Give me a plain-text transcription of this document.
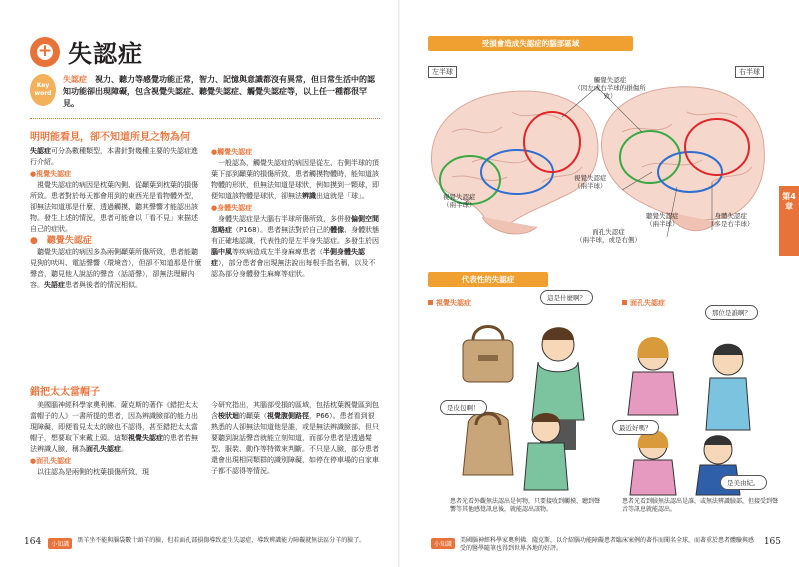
+
失認症
Key word
失認症　視力、聽力等感覺功能正常，智力、記憶與意識都沒有異常，但日常生活中的認知功能卻出現障礙，包含視覺失認症、聽覺失認症、觸覺失認症等，以上任一種都很罕見。
明明能看見，卻不知道所見之物為何

失認症可分為數種類型，本書針對幾種主要的失認症進行介紹。

●視覺失認症

視覺失認症的病因是枕葉內側、從顳葉到枕葉的損傷所致。患者對於每天都會用到的東西光是看物體外型，卻無法知道那是什麼，透過觸摸、聽其聲響才能認出該物。發生上述的情況，患者可能會以「看不見」來描述自己的症狀。

●　聽覺失認症

聽覺失認症的病因多為兩側顳葉所傷所致，患者能聽見狗的吠叫、電話聲響（環境音），但卻不知道那是什麼聲音，聽見他人說話的聲音（話語聲），卻無法理解內容。失語症患者與後者的情況相似。

●觸覺失認症

一般認為，觸覺失認症的病因是從左、右側半球的頂葉下部到顳葉的損傷所致，患者觸摸物體時，能知道該物體的形狀，但無法知道是球狀，例如摸到一顆球，即便知道該物體是球狀，卻無法辨識出這就是「球」。

●身體失認症

身體失認症是大腦右半球所傷所致，多併發偏側空間忽略症（P168）。患者無法對於自己的體像、身體狀態有正確地認識，代表性的是左半身失認症。多發生於因腦中風等疾病造成左半身麻痺患者（半側身體失認症），部分患者會出現無法說出每根手指名稱，以及不認為部分身體發生麻痺等症狀。

錯把太太當帽子

美國腦神經科學家奧利佛．薩克斯的著作《錯把太太當帽子的人》一書所提的患者，因為辨識臉部的能力出現障礙，即便看見太太的臉也不認得，甚至錯把太太當帽子，想要取下來戴上頭。這類視覺失認症的患者若無法辨識人臉，稱為面孔失認症。

●面孔失認症

以往認為是兩側的枕葉損傷所致，現

今研究指出，其腦部受損的區域，包括枕葉親覺區到包含梭狀迴的顳葉（視覺腹側路徑，P66）。患者看到很熟悉的人卻無法知道他是誰，或是無法辨識臉部，但只要聽到說話聲音就能立刻知道，而部分患者是透過髮型、服裝、動作等特徵來判斷。不只是人臉，部分患者還會出現相同類群的識別障礙，如停在停車場的自家車子都不認得等情況。

164	小知識
黑羊坐不能與腦袋數十頭羊的臉，但若面孔部損傷導致產生失認症，導致辨識能力障礙就無法區分羊的臉了。
受損會造成失認症的腦部區域
左半球	右半球
觸覺失認症
（因左或右半球的損傷所致）
視覺失認症
（兩半球）
視覺失認症
（兩半球）
聽覺失認症
（兩半球）
面孔失認症
（兩半球，或是右側）
身體失認症
（多是右半球）
第4章
代表性的失認症
視覺失認症	面孔失認症
這是什麼啊？
是皮包啊！
那位是誰啊？
最近好嗎？
是美由紀。
患者光看外觀無法認出是何物，只要接收到觸摸、聽到聲響等其他感覺訊息後，就能認出該物。
患者光看到臉無法認出是誰，或無法辨識臉部，但接受到聲音等訊息就能認出。
小知識
美國腦神經科學家奧利佛．薩克斯，以介紹腦功能障礙患者臨床案例的著作而聞名全球，而著重於患者體驗與感受的醫學隨筆也得到世界各地的好評。
165
